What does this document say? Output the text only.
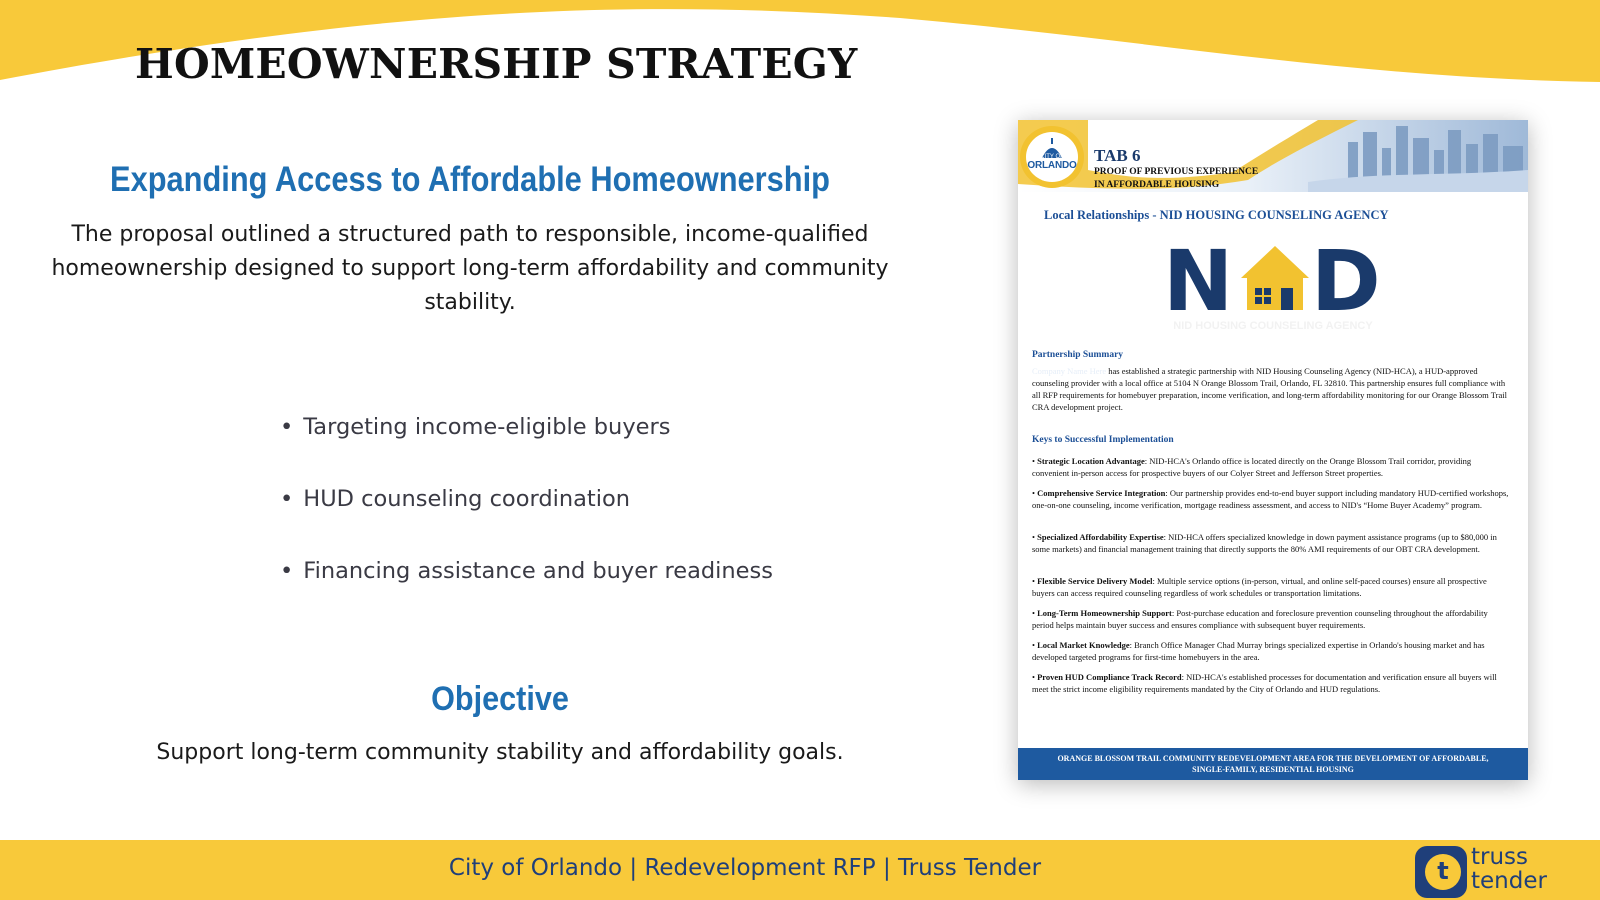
HOMEOWNERSHIP STRATEGY
Expanding Access to Affordable Homeownership

The proposal outlined a structured path to responsible, income-qualified homeownership designed to support long-term affordability and community stability.

• Targeting income-eligible buyers
• HUD counseling coordination
• Financing assistance and buyer readiness
Objective

Support long-term community stability and affordability goals.

CITY OF
ORLANDO
TAB 6
PROOF OF PREVIOUS EXPERIENCE
IN AFFORDABLE HOUSING
Local Relationships - NID HOUSING COUNSELING AGENCY
N D
NID HOUSING COUNSELING AGENCY
Partnership Summary
Company Name Here has established a strategic partnership with NID Housing Counseling Agency (NID-HCA), a HUD-approved counseling provider with a local office at 5104 N Orange Blossom Trail, Orlando, FL 32810. This partnership ensures full compliance with all RFP requirements for homebuyer preparation, income verification, and long-term affordability monitoring for our Orange Blossom Trail CRA development project.
Keys to Successful Implementation
• Strategic Location Advantage: NID-HCA's Orlando office is located directly on the Orange Blossom Trail corridor, providing convenient in-person access for prospective buyers of our Colyer Street and Jefferson Street properties.
• Comprehensive Service Integration: Our partnership provides end-to-end buyer support including mandatory HUD-certified workshops, one-on-one counseling, income verification, mortgage readiness assessment, and access to NID's “Home Buyer Academy” program.
• Specialized Affordability Expertise: NID-HCA offers specialized knowledge in down payment assistance programs (up to $80,000 in some markets) and financial management training that directly supports the 80% AMI requirements of our OBT CRA development.
• Flexible Service Delivery Model: Multiple service options (in-person, virtual, and online self-paced courses) ensure all prospective buyers can access required counseling regardless of work schedules or transportation limitations.
• Long-Term Homeownership Support: Post-purchase education and foreclosure prevention counseling throughout the affordability period helps maintain buyer success and ensures compliance with subsequent buyer requirements.
• Local Market Knowledge: Branch Office Manager Chad Murray brings specialized expertise in Orlando's housing market and has developed targeted programs for first-time homebuyers in the area.
• Proven HUD Compliance Track Record: NID-HCA's established processes for documentation and verification ensure all buyers will meet the strict income eligibility requirements mandated by the City of Orlando and HUD regulations.
ORANGE BLOSSOM TRAIL COMMUNITY REDEVELOPMENT AREA FOR THE DEVELOPMENT OF AFFORDABLE,
SINGLE-FAMILY, RESIDENTIAL HOUSING
City of Orlando | Redevelopment RFP | Truss Tender	t truss
tender
